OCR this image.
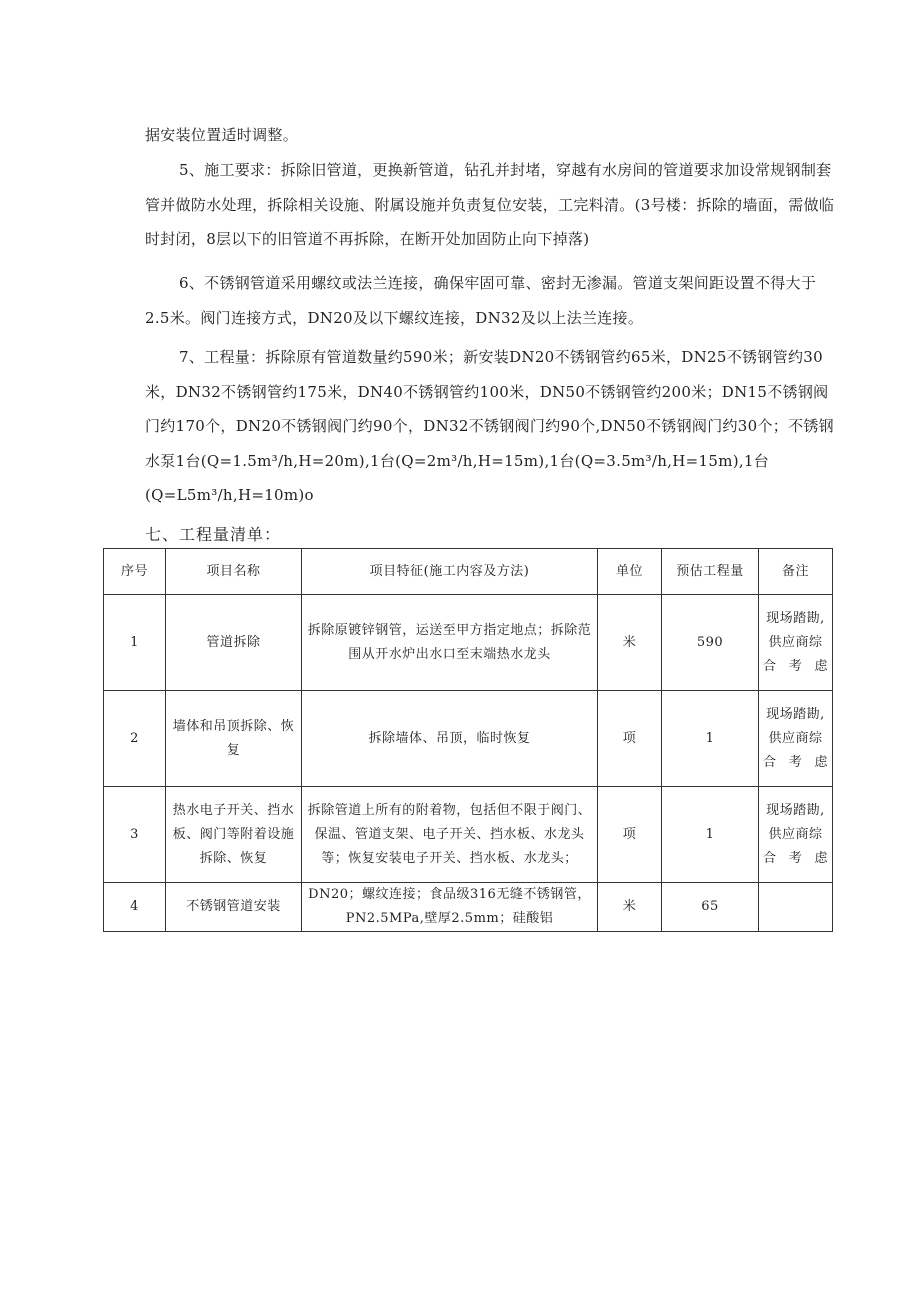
据安装位置适时调整。
5、施工要求：拆除旧管道，更换新管道，钻孔并封堵，穿越有水房间的管道要求加设常规钢制套管并做防水处理，拆除相关设施、附属设施并负责复位安装，工完料清。(3号楼：拆除的墙面，需做临时封闭，8层以下的旧管道不再拆除，在断开处加固防止向下掉落)
6、不锈钢管道采用螺纹或法兰连接，确保牢固可靠、密封无渗漏。管道支架间距设置不得大于2.5米。阀门连接方式，DN20及以下螺纹连接，DN32及以上法兰连接。
7、工程量：拆除原有管道数量约590米；新安装DN20不锈钢管约65米，DN25不锈钢管约30米，DN32不锈钢管约175米，DN40不锈钢管约100米，DN50不锈钢管约200米；DN15不锈钢阀门约170个，DN20不锈钢阀门约90个，DN32不锈钢阀门约90个,DN50不锈钢阀门约30个；不锈钢水泵1台(Q=1.5m³/h,H=20m),1台(Q=2m³/h,H=15m),1台(Q=3.5m³/h,H=15m),1台(Q=L5m³/h,H=10m)o
七、工程量清单：
序号	项目名称	项目特征(施工内容及方法)	单位	预估工程量	备注
1	管道拆除	拆除原镀锌钢管，运送至甲方指定地点；拆除范围从开水炉出水口至末端热水龙头	米	590	现场踏勘,供应商综合考虑
2	墙体和吊顶拆除、恢复	拆除墙体、吊顶，临时恢复	项	1	现场踏勘,供应商综合考虑
3	热水电子开关、挡水板、阀门等附着设施拆除、恢复	拆除管道上所有的附着物，包括但不限于阀门、保温、管道支架、电子开关、挡水板、水龙头等；恢复安装电子开关、挡水板、水龙头；	项	1	现场踏勘,供应商综合考虑
4	不锈钢管道安装	DN20；螺纹连接；食品级316无缝不锈钢管，PN2.5MPa,壁厚2.5mm；硅酸铝	米	65	
